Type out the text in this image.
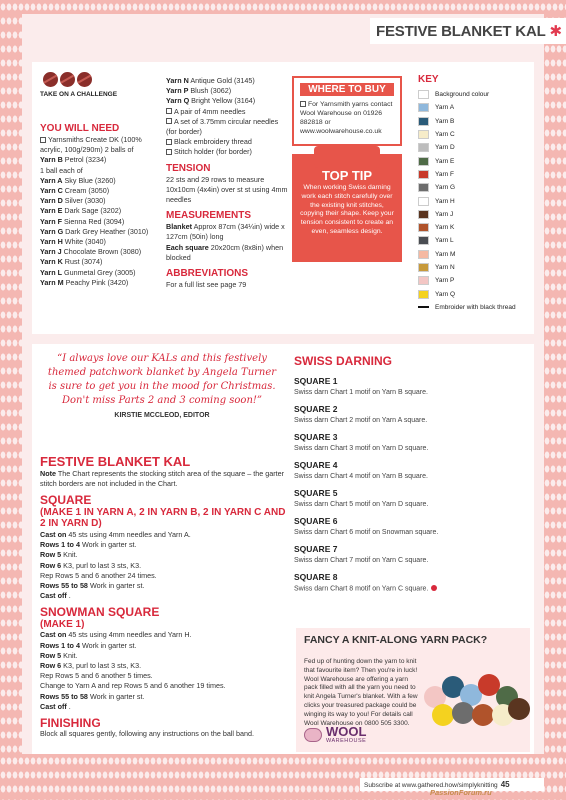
FESTIVE BLANKET KAL ✱
TAKE ON A CHALLENGE
YOU WILL NEED
Yarnsmiths Create DK (100% acrylic, 100g/290m) 2 balls of
Yarn B Petrol (3234)
1 ball each of
Yarn A Sky Blue (3260)
Yarn C Cream (3050)
Yarn D Silver (3030)
Yarn E Dark Sage (3202)
Yarn F Sienna Red (3094)
Yarn G Dark Grey Heather (3010)
Yarn H White (3040)
Yarn J Chocolate Brown (3080)
Yarn K Rust (3074)
Yarn L Gunmetal Grey (3005)
Yarn M Peachy Pink (3420)
Yarn N Antique Gold (3145)
Yarn P Blush (3062)
Yarn Q Bright Yellow (3164)
A pair of 4mm needles
A set of 3.75mm circular needles (for border)
Black embroidery thread
Stitch holder (for border)
TENSION
22 sts and 29 rows to measure 10x10cm (4x4in) over st st using 4mm needles
MEASUREMENTS
Blanket Approx 87cm (34¼in) wide x 127cm (50in) long
Each square 20x20cm (8x8in) when blocked
ABBREVIATIONS
For a full list see page 79
WHERE TO BUY
For Yarnsmith yarns contact Wool Warehouse on 01926 882818 or www.woolwarehouse.co.uk
TOP TIP
When working Swiss darning work each stitch carefully over the existing knit stitches, copying their shape. Keep your tension consistent to create an even, seamless design.
KEY
Background colour
Yarn A
Yarn B
Yarn C
Yarn D
Yarn E
Yarn F
Yarn G
Yarn H
Yarn J
Yarn K
Yarn L
Yarn M
Yarn N
Yarn P
Yarn Q
Embroider with black thread
“I always love our KALs and this festively themed patchwork blanket by Angela Turner is sure to get you in the mood for Christmas. Don't miss Parts 2 and 3 coming soon!”
KIRSTIE MCCLEOD, EDITOR
FESTIVE BLANKET KAL
Note The Chart represents the stocking stitch area of the square – the garter stitch borders are not included in the Chart.
SQUARE
(MAKE 1 IN YARN A, 2 IN YARN B, 2 IN YARN C AND 2 IN YARN D)
Cast on 45 sts using 4mm needles and Yarn A.
Rows 1 to 4 Work in garter st.
Row 5 Knit.
Row 6 K3, purl to last 3 sts, K3.
Rep Rows 5 and 6 another 24 times.
Rows 55 to 58 Work in garter st.
Cast off .
SNOWMAN SQUARE
(MAKE 1)
Cast on 45 sts using 4mm needles and Yarn H.
Rows 1 to 4 Work in garter st.
Row 5 Knit.
Row 6 K3, purl to last 3 sts, K3.
Rep Rows 5 and 6 another 5 times.
Change to Yarn A and rep Rows 5 and 6 another 19 times.
Rows 55 to 58 Work in garter st.
Cast off .
FINISHING
Block all squares gently, following any instructions on the ball band.
SWISS DARNING
SQUARE 1
Swiss darn Chart 1 motif on Yarn B square.
SQUARE 2
Swiss darn Chart 2 motif on Yarn A square.
SQUARE 3
Swiss darn Chart 3 motif on Yarn D square.
SQUARE 4
Swiss darn Chart 4 motif on Yarn B square.
SQUARE 5
Swiss darn Chart 5 motif on Yarn D square.
SQUARE 6
Swiss darn Chart 6 motif on Snowman square.
SQUARE 7
Swiss darn Chart 7 motif on Yarn C square.
SQUARE 8
Swiss darn Chart 8 motif on Yarn C square.
FANCY A KNIT-ALONG YARN PACK?
Fed up of hunting down the yarn to knit that favourite item? Then you're in luck! Wool Warehouse are offering a yarn pack filled with all the yarn you need to knit Angela Turner's blanket. With a few clicks your treasured package could be winging its way to you! For details call Wool Warehouse on 0800 505 3300.
WOOL
WAREHOUSE
Subscribe at www.gathered.how/simplyknitting 45
PassionForum.ru
